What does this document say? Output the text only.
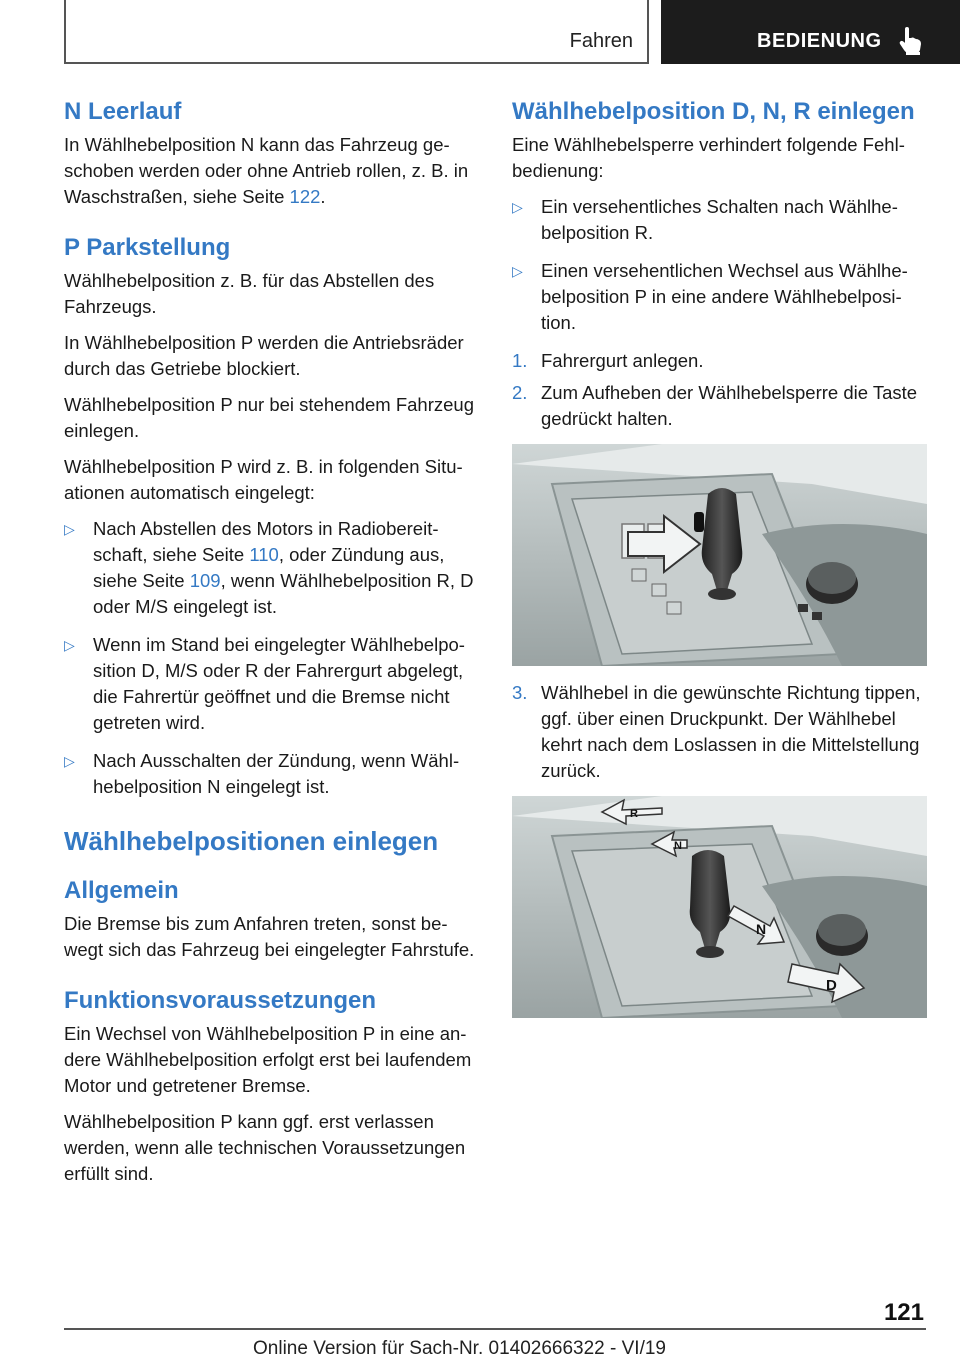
Fahren	BEDIENUNG
N Leerlauf

In Wählhebelposition N kann das Fahrzeug geschoben werden oder ohne Antrieb rollen, z. B. in Waschstraßen, siehe Seite 122.

P Parkstellung

Wählhebelposition z. B. für das Abstellen des Fahrzeugs.

In Wählhebelposition P werden die Antriebsräder durch das Getriebe blockiert.

Wählhebelposition P nur bei stehendem Fahrzeug einlegen.

Wählhebelposition P wird z. B. in folgenden Situationen automatisch eingelegt:

▷ Nach Abstellen des Motors in Radiobereitschaft, siehe Seite 110, oder Zündung aus, siehe Seite 109, wenn Wählhebelposition R, D oder M/S eingelegt ist.
▷ Wenn im Stand bei eingelegter Wählhebelposition D, M/S oder R der Fahrergurt abgelegt, die Fahrertür geöffnet und die Bremse nicht getreten wird.
▷ Nach Ausschalten der Zündung, wenn Wählhebelposition N eingelegt ist.
Wählhebelpositionen einlegen
Allgemein

Die Bremse bis zum Anfahren treten, sonst bewegt sich das Fahrzeug bei eingelegter Fahrstufe.

Funktionsvoraussetzungen

Ein Wechsel von Wählhebelposition P in eine andere Wählhebelposition erfolgt erst bei laufendem Motor und getretener Bremse.

Wählhebelposition P kann ggf. erst verlassen werden, wenn alle technischen Voraussetzungen erfüllt sind.

Wählhebelposition D, N, R einlegen

Eine Wählhebelsperre verhindert folgende Fehlbedienung:

▷ Ein versehentliches Schalten nach Wählhebelposition R.
▷ Einen versehentlichen Wechsel aus Wählhebelposition P in eine andere Wählhebelposition.
1. Fahrergurt anlegen.
2. Zum Aufheben der Wählhebelsperre die Taste gedrückt halten.
3. Wählhebel in die gewünschte Richtung tippen, ggf. über einen Druckpunkt. Der Wählhebel kehrt nach dem Loslassen in die Mittelstellung zurück.
R
N
N
D
121
Online Version für Sach-Nr. 01402666322 - VI/19
